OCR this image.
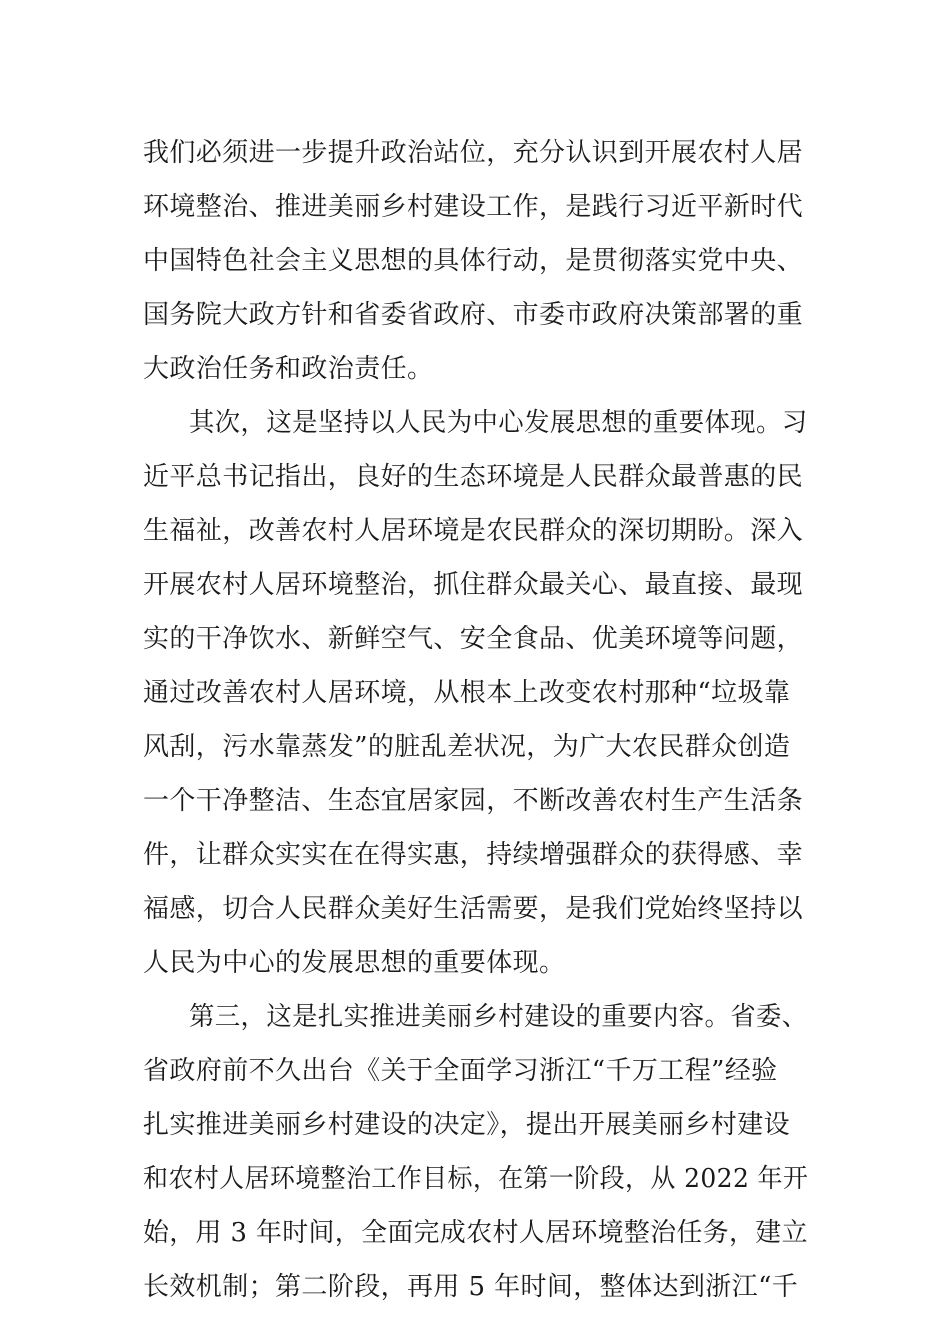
我们必须进一步提升政治站位，充分认识到开展农村人居
环境整治、推进美丽乡村建设工作，是践行习近平新时代
中国特色社会主义思想的具体行动，是贯彻落实党中央、
国务院大政方针和省委省政府、市委市政府决策部署的重
大政治任务和政治责任。
其次，这是坚持以人民为中心发展思想的重要体现。习
近平总书记指出，良好的生态环境是人民群众最普惠的民
生福祉，改善农村人居环境是农民群众的深切期盼。深入
开展农村人居环境整治，抓住群众最关心、最直接、最现
实的干净饮水、新鲜空气、安全食品、优美环境等问题，
通过改善农村人居环境，从根本上改变农村那种“垃圾靠
风刮，污水靠蒸发”的脏乱差状况，为广大农民群众创造
一个干净整洁、生态宜居家园，不断改善农村生产生活条
件，让群众实实在在得实惠，持续增强群众的获得感、幸
福感，切合人民群众美好生活需要，是我们党始终坚持以
人民为中心的发展思想的重要体现。
第三，这是扎实推进美丽乡村建设的重要内容。省委、
省政府前不久出台《关于全面学习浙江“千万工程”经验
扎实推进美丽乡村建设的决定》，提出开展美丽乡村建设
和农村人居环境整治工作目标，在第一阶段，从 2022 年开
始，用 3 年时间，全面完成农村人居环境整治任务，建立
长效机制；第二阶段，再用 5 年时间，整体达到浙江“千
